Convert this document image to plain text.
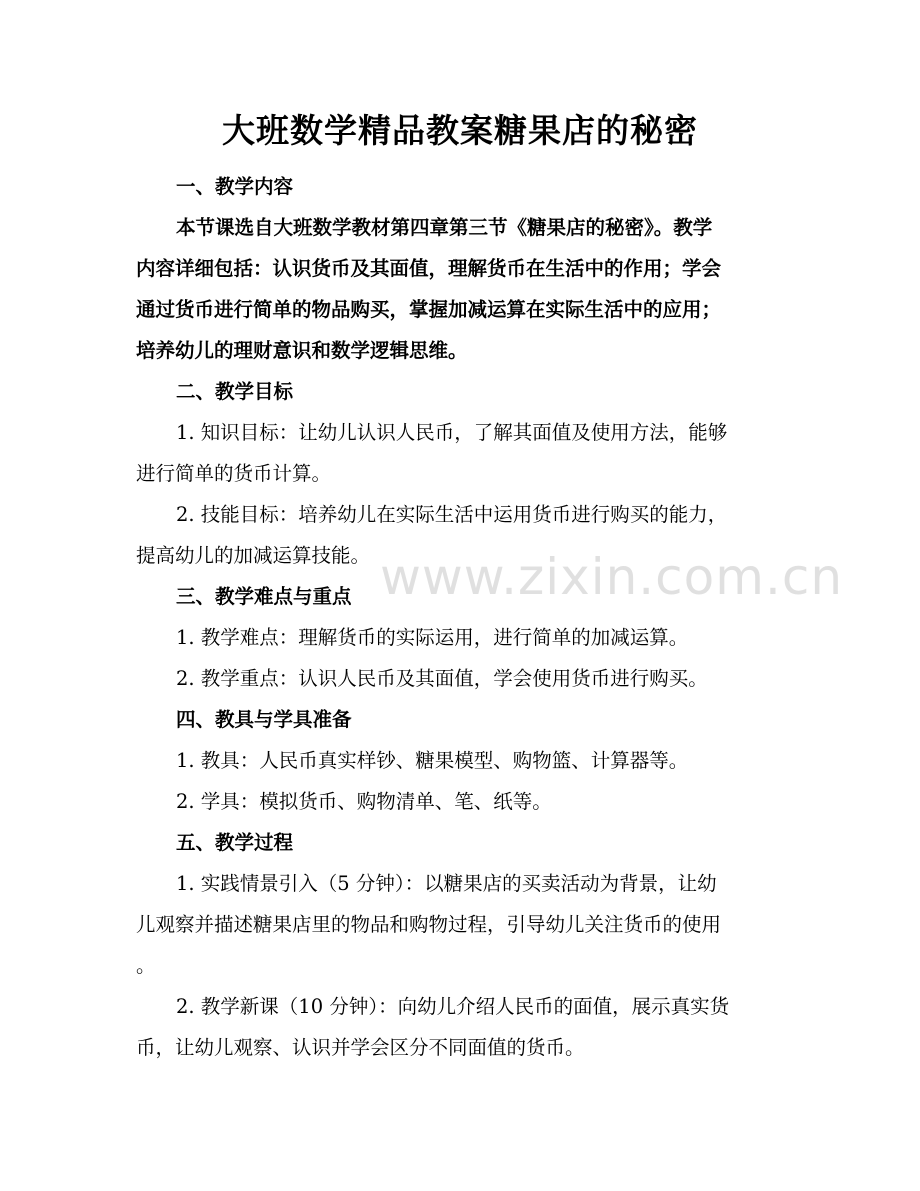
大班数学精品教案糖果店的秘密
一、教学内容
本节课选自大班数学教材第四章第三节《糖果店的秘密》。教学
内容详细包括：认识货币及其面值，理解货币在生活中的作用；学会
通过货币进行简单的物品购买，掌握加减运算在实际生活中的应用；
培养幼儿的理财意识和数学逻辑思维。
二、教学目标
1. 知识目标：让幼儿认识人民币，了解其面值及使用方法，能够
进行简单的货币计算。
2. 技能目标：培养幼儿在实际生活中运用货币进行购买的能力，
提高幼儿的加减运算技能。
三、教学难点与重点
1. 教学难点：理解货币的实际运用，进行简单的加减运算。
2. 教学重点：认识人民币及其面值，学会使用货币进行购买。
四、教具与学具准备
1. 教具：人民币真实样钞、糖果模型、购物篮、计算器等。
2. 学具：模拟货币、购物清单、笔、纸等。
五、教学过程
1. 实践情景引入（5 分钟）：以糖果店的买卖活动为背景，让幼
儿观察并描述糖果店里的物品和购物过程，引导幼儿关注货币的使用
。
2. 教学新课（10 分钟）：向幼儿介绍人民币的面值，展示真实货
币，让幼儿观察、认识并学会区分不同面值的货币。
www.zixin.com.cn
